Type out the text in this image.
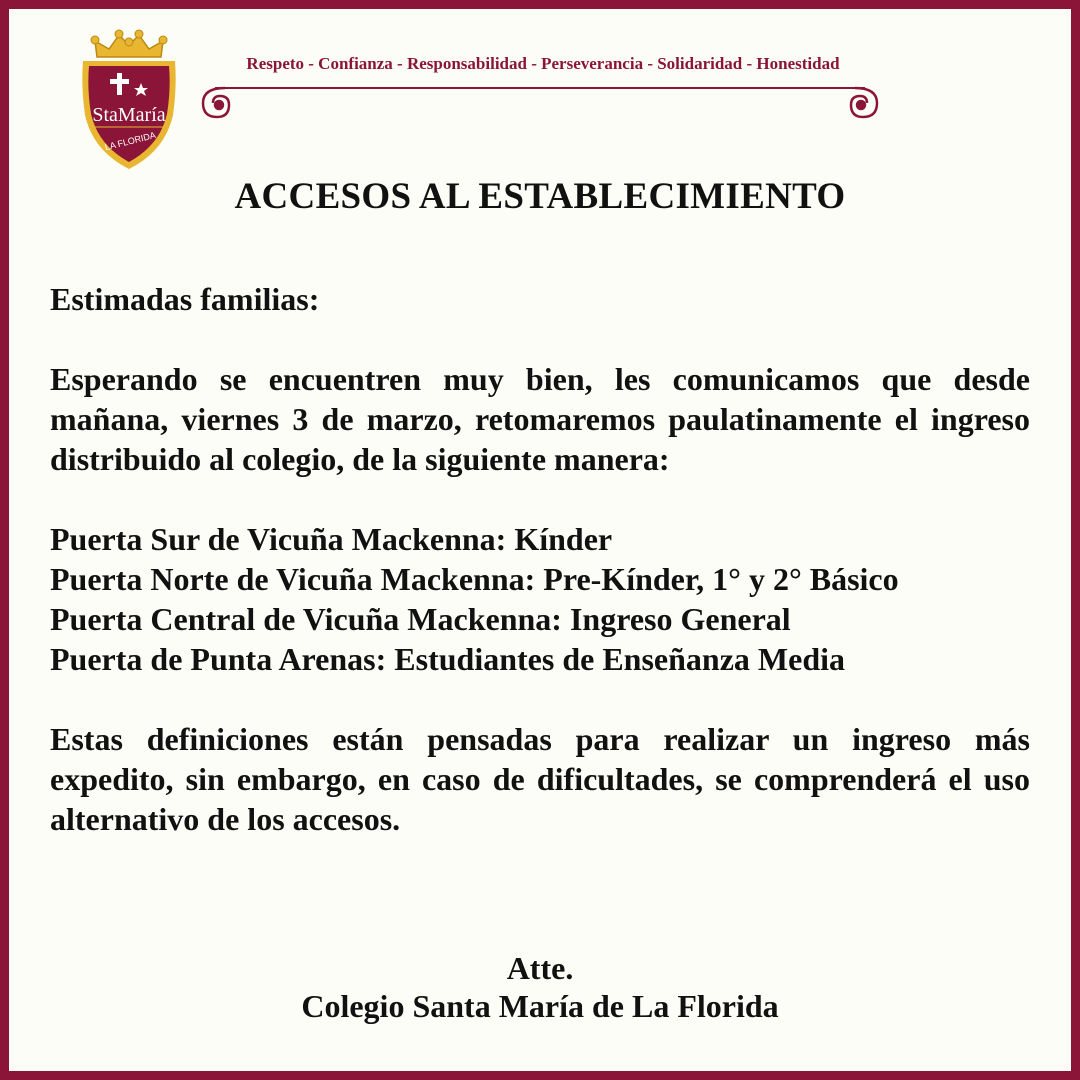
StaMaría
LA FLORIDA
Respeto - Confianza - Responsabilidad - Perseverancia - Solidaridad - Honestidad
ACCESOS AL ESTABLECIMIENTO

Estimadas familias:

Esperando se encuentren muy bien, les comunicamos que desde mañana, viernes 3 de marzo, retomaremos paulatinamente el ingreso distribuido al colegio, de la siguiente manera:

Puerta Sur de Vicuña Mackenna: Kínder

Puerta Norte de Vicuña Mackenna: Pre-Kínder, 1° y 2° Básico

Puerta Central de Vicuña Mackenna: Ingreso General

Puerta de Punta Arenas: Estudiantes de Enseñanza Media

Estas definiciones están pensadas para realizar un ingreso más expedito, sin embargo, en caso de dificultades, se comprenderá el uso alternativo de los accesos.

Atte.
Colegio Santa María de La Florida
